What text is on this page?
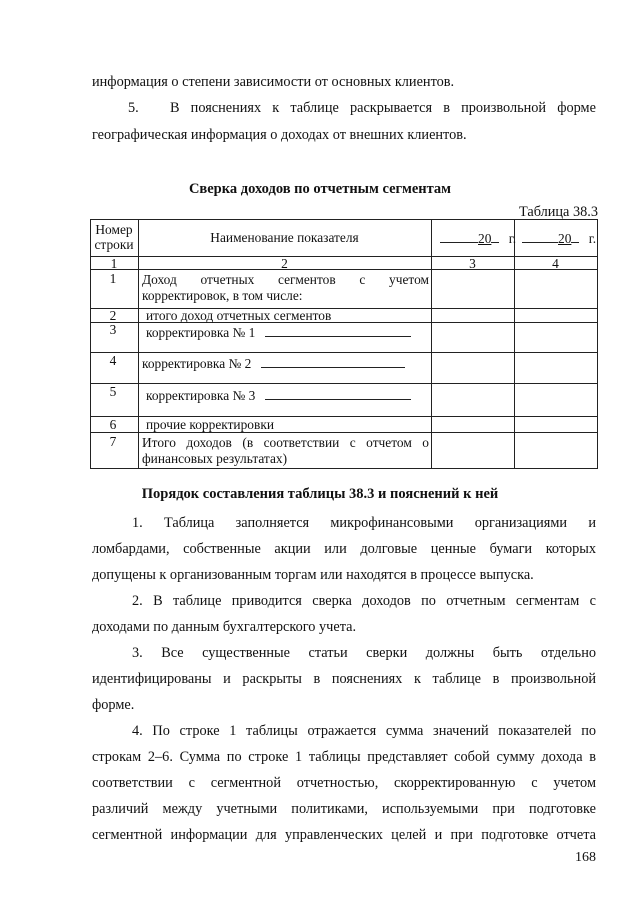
информация о степени зависимости от основных клиентов.
5. В пояснениях к таблице раскрывается в произвольной форме
географическая информация о доходах от внешних клиентов.
Сверка доходов по отчетным сегментам
Таблица 38.3
Номер
строки	Наименование показателя	20 г.	20 г.
1	2	3	4
1	Доход отчетных сегментов с учетом
корректировок, в том числе:
2	итого доход отчетных сегментов
3	корректировка № 1
4	корректировка № 2
5	корректировка № 3
6	прочие корректировки
7	Итого доходов (в соответствии с отчетом о
финансовых результатах)
Порядок составления таблицы 38.3 и пояснений к ней
1. Таблица заполняется микрофинансовыми организациями и
ломбардами, собственные акции или долговые ценные бумаги которых
допущены к организованным торгам или находятся в процессе выпуска.
2. В таблице приводится сверка доходов по отчетным сегментам с
доходами по данным бухгалтерского учета.
3. Все существенные статьи сверки должны быть отдельно
идентифицированы и раскрыты в пояснениях к таблице в произвольной
форме.
4. По строке 1 таблицы отражается сумма значений показателей по
строкам 2–6. Сумма по строке 1 таблицы представляет собой сумму дохода в
соответствии с сегментной отчетностью, скорректированную с учетом
различий между учетными политиками, используемыми при подготовке
сегментной информации для управленческих целей и при подготовке отчета
168
